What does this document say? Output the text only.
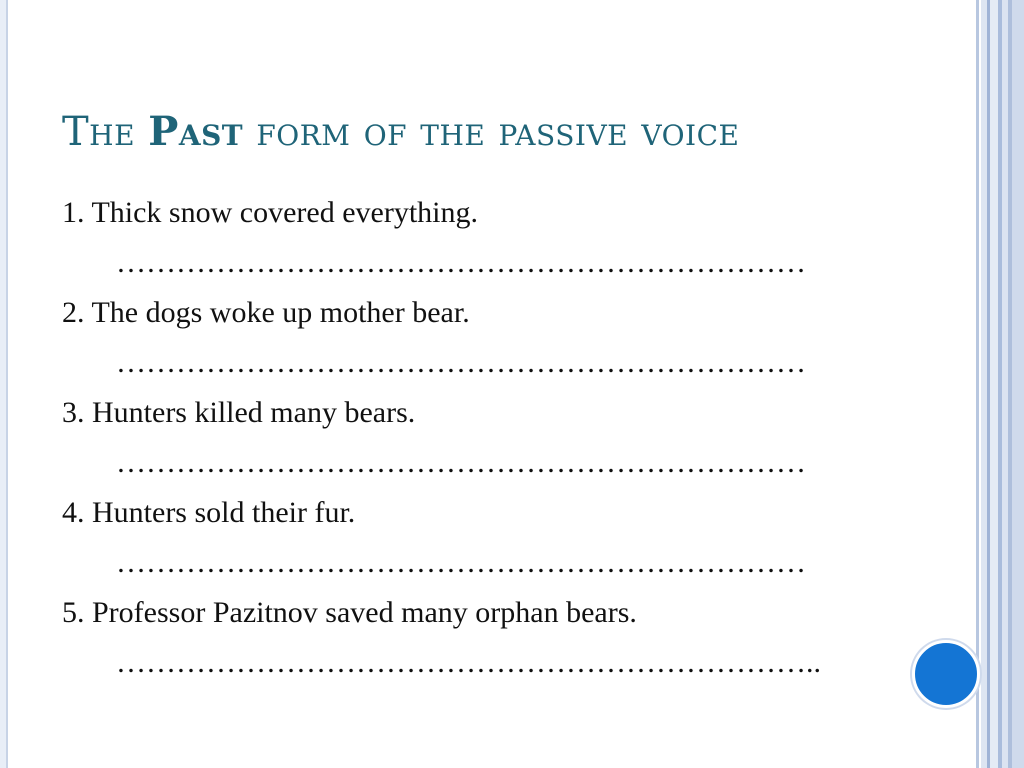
The Past form of the passive voice
1. Thick snow covered everything.
……………………………………………………………
2. The dogs woke up mother bear.
……………………………………………………………
3. Hunters killed many bears.
……………………………………………………………
4. Hunters sold their fur.
……………………………………………………………
5. Professor Pazitnov saved many orphan bears.
……………………………………………………………..
